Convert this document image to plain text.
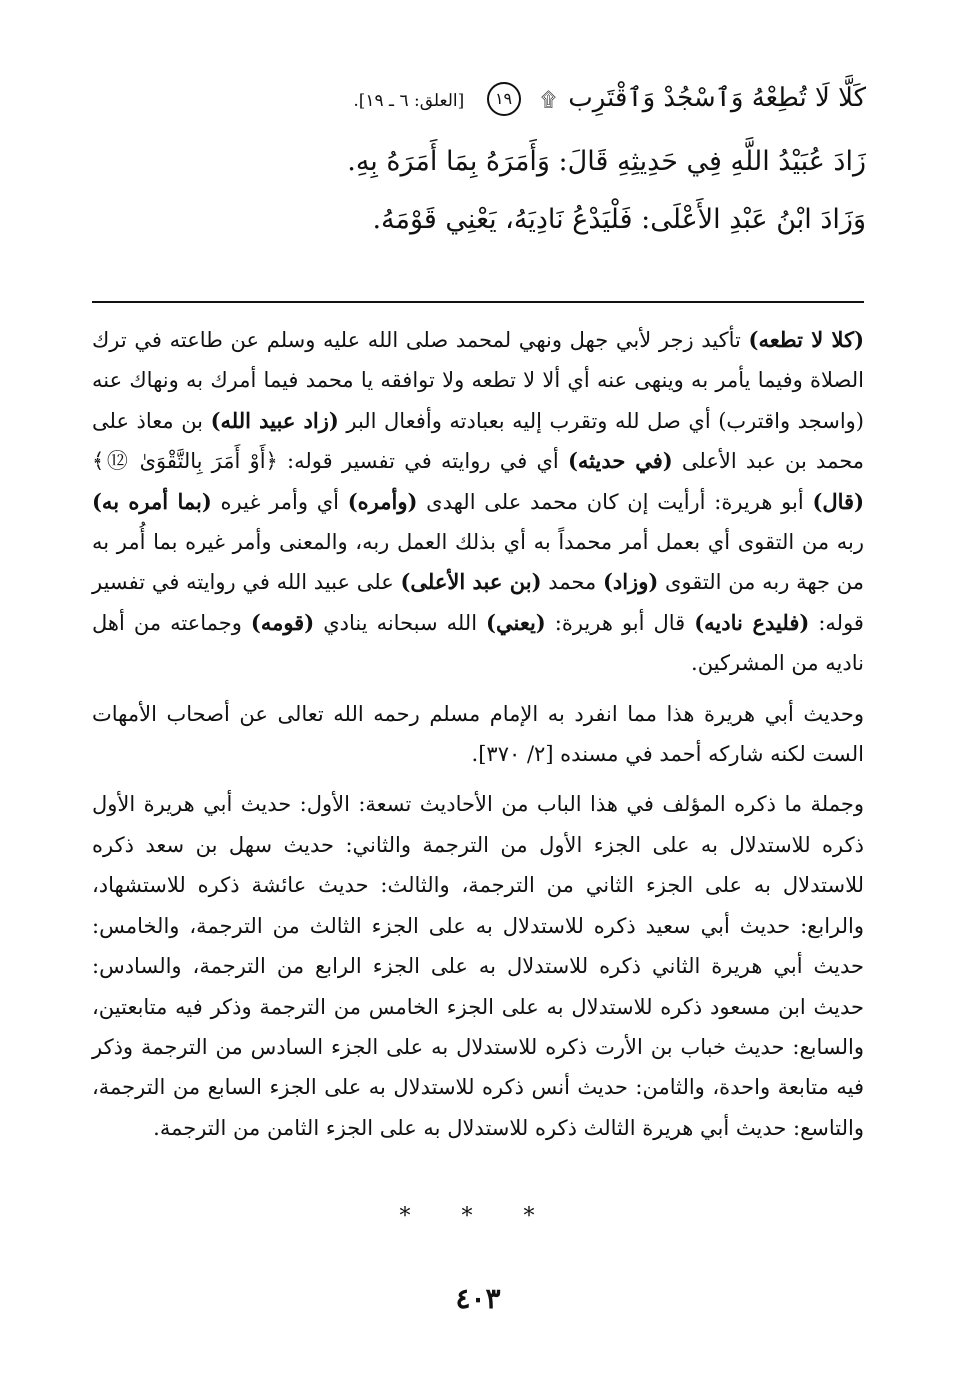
كَلَّا لَا تُطِعْهُ وَٱسْجُدْ وَٱقْتَرِب ۩ ١٩ [العلق: ٦ ـ ١٩].
زَادَ عُبَيْدُ اللَّهِ فِي حَدِيثِهِ قَالَ: وَأَمَرَهُ بِمَا أَمَرَهُ بِهِ.
وَزَادَ ابْنُ عَبْدِ الأَعْلَى: فَلْيَدْعُ نَادِيَهُ، يَعْنِي قَوْمَهُ.

(كلا لا تطعه) تأكيد زجر لأبي جهل ونهي لمحمد صلى الله عليه وسلم عن طاعته في ترك الصلاة وفيما يأمر به وينهى عنه أي ألا لا تطعه ولا توافقه يا محمد فيما أمرك به ونهاك عنه (واسجد واقترب) أي صل لله وتقرب إليه بعبادته وأفعال البر (زاد عبيد الله) بن معاذ على محمد بن عبد الأعلى (في حديثه) أي في روايته في تفسير قوله: ﴿أَوْ أَمَرَ بِالتَّقْوَىٰ ⑫﴾ (قال) أبو هريرة: أرأيت إن كان محمد على الهدى (وأمره) أي وأمر غيره (بما أمره به) ربه من التقوى أي بعمل أمر محمداً به أي بذلك العمل ربه، والمعنى وأمر غيره بما أُمر به من جهة ربه من التقوى (وزاد) محمد (بن عبد الأعلى) على عبيد الله في روايته في تفسير قوله: (فليدع ناديه) قال أبو هريرة: (يعني) الله سبحانه ينادي (قومه) وجماعته من أهل ناديه من المشركين.

وحديث أبي هريرة هذا مما انفرد به الإمام مسلم رحمه الله تعالى عن أصحاب الأمهات الست لكنه شاركه أحمد في مسنده [٢/ ٣٧٠].

وجملة ما ذكره المؤلف في هذا الباب من الأحاديث تسعة: الأول: حديث أبي هريرة الأول ذكره للاستدلال به على الجزء الأول من الترجمة والثاني: حديث سهل بن سعد ذكره للاستدلال به على الجزء الثاني من الترجمة، والثالث: حديث عائشة ذكره للاستشهاد، والرابع: حديث أبي سعيد ذكره للاستدلال به على الجزء الثالث من الترجمة، والخامس: حديث أبي هريرة الثاني ذكره للاستدلال به على الجزء الرابع من الترجمة، والسادس: حديث ابن مسعود ذكره للاستدلال به على الجزء الخامس من الترجمة وذكر فيه متابعتين، والسابع: حديث خباب بن الأرت ذكره للاستدلال به على الجزء السادس من الترجمة وذكر فيه متابعة واحدة، والثامن: حديث أنس ذكره للاستدلال به على الجزء السابع من الترجمة، والتاسع: حديث أبي هريرة الثالث ذكره للاستدلال به على الجزء الثامن من الترجمة.

* * *
٤٠٣
